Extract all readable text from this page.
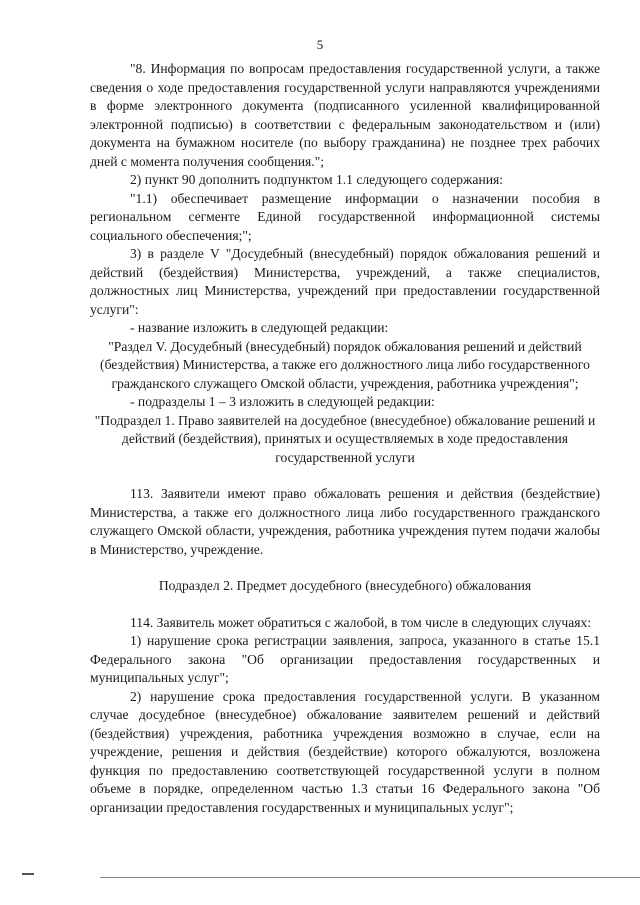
5

"8. Информация по вопросам предоставления государственной услуги, а также сведения о ходе предоставления государственной услуги направляются учреждениями в форме электронного документа (подписанного усиленной квалифицированной электронной подписью) в соответствии с федеральным законодательством и (или) документа на бумажном носителе (по выбору гражданина) не позднее трех рабочих дней с момента получения сообщения.";

2) пункт 90 дополнить подпунктом 1.1 следующего содержания:

"1.1) обеспечивает размещение информации о назначении пособия в региональном сегменте Единой государственной информационной системы социального обеспечения;";

3) в разделе V "Досудебный (внесудебный) порядок обжалования решений и действий (бездействия) Министерства, учреждений, а также специалистов, должностных лиц Министерства, учреждений при предоставлении государственной услуги":

- название изложить в следующей редакции:

"Раздел V. Досудебный (внесудебный) порядок обжалования решений и действий (бездействия) Министерства, а также его должностного лица либо государственного гражданского служащего Омской области, учреждения, работника учреждения";

- подразделы 1 – 3 изложить в следующей редакции:

"Подраздел 1. Право заявителей на досудебное (внесудебное) обжалование решений и действий (бездействия), принятых и осуществляемых в ходе предоставления государственной услуги

113. Заявители имеют право обжаловать решения и действия (бездействие) Министерства, а также его должностного лица либо государственного гражданского служащего Омской области, учреждения, работника учреждения путем подачи жалобы в Министерство, учреждение.

Подраздел 2. Предмет досудебного (внесудебного) обжалования

114. Заявитель может обратиться с жалобой, в том числе в следующих случаях:

1) нарушение срока регистрации заявления, запроса, указанного в статье 15.1 Федерального закона "Об организации предоставления государственных и муниципальных услуг";

2) нарушение срока предоставления государственной услуги. В указанном случае досудебное (внесудебное) обжалование заявителем решений и действий (бездействия) учреждения, работника учреждения возможно в случае, если на учреждение, решения и действия (бездействие) которого обжалуются, возложена функция по предоставлению соответствующей государственной услуги в полном объеме в порядке, определенном частью 1.3 статьи 16 Федерального закона "Об организации предоставления государственных и муниципальных услуг";
